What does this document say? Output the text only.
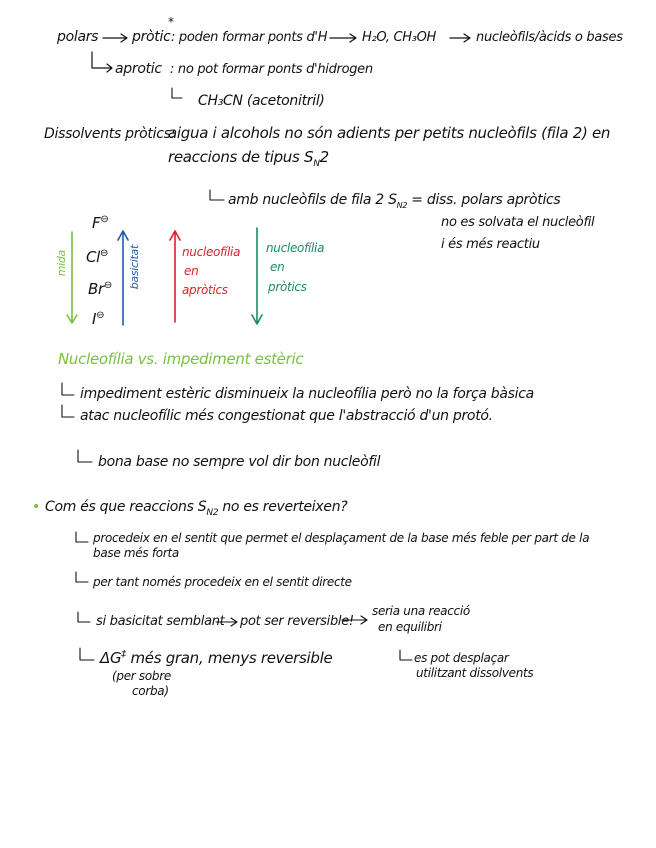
polars pròtic
*
: poden formar ponts d'H	H₂O, CH₃OH	nucleòfils/àcids o bases
aprotic : no pot formar ponts d'hidrogen
CH₃CN (acetonitril)
Dissolvents pròtics:
aigua i alcohols no són adients per petits nucleòfils (fila 2) en
reaccions de tipus $S_N2$
amb nucleòfils de fila 2 $S_{N2}$ = diss. polars apròtics
no es solvata el nucleòfil
i és més reactiu
F⊖
Cl⊖
Br⊖
I⊖
mida	basicitat	nucleofília
en
apròtics
nucleofília
en
pròtics
Nucleofília vs. impediment estèric
impediment estèric disminueix la nucleofília però no la força bàsica
atac nucleofílic més congestionat que l'abstracció d'un protó.
bona base no sempre vol dir bon nucleòfil
• Com és que reaccions $S_{N2}$ no es reverteixen?
procedeix en el sentit que permet el desplaçament de la base més feble per part de la
base més forta
per tant només procedeix en el sentit directe
si basicitat semblant pot ser reversible!
seria una reacció
en equilibri
ΔG‡ més gran, menys reversible
(per sobre
corba)
es pot desplaçar
utilitzant dissolvents
